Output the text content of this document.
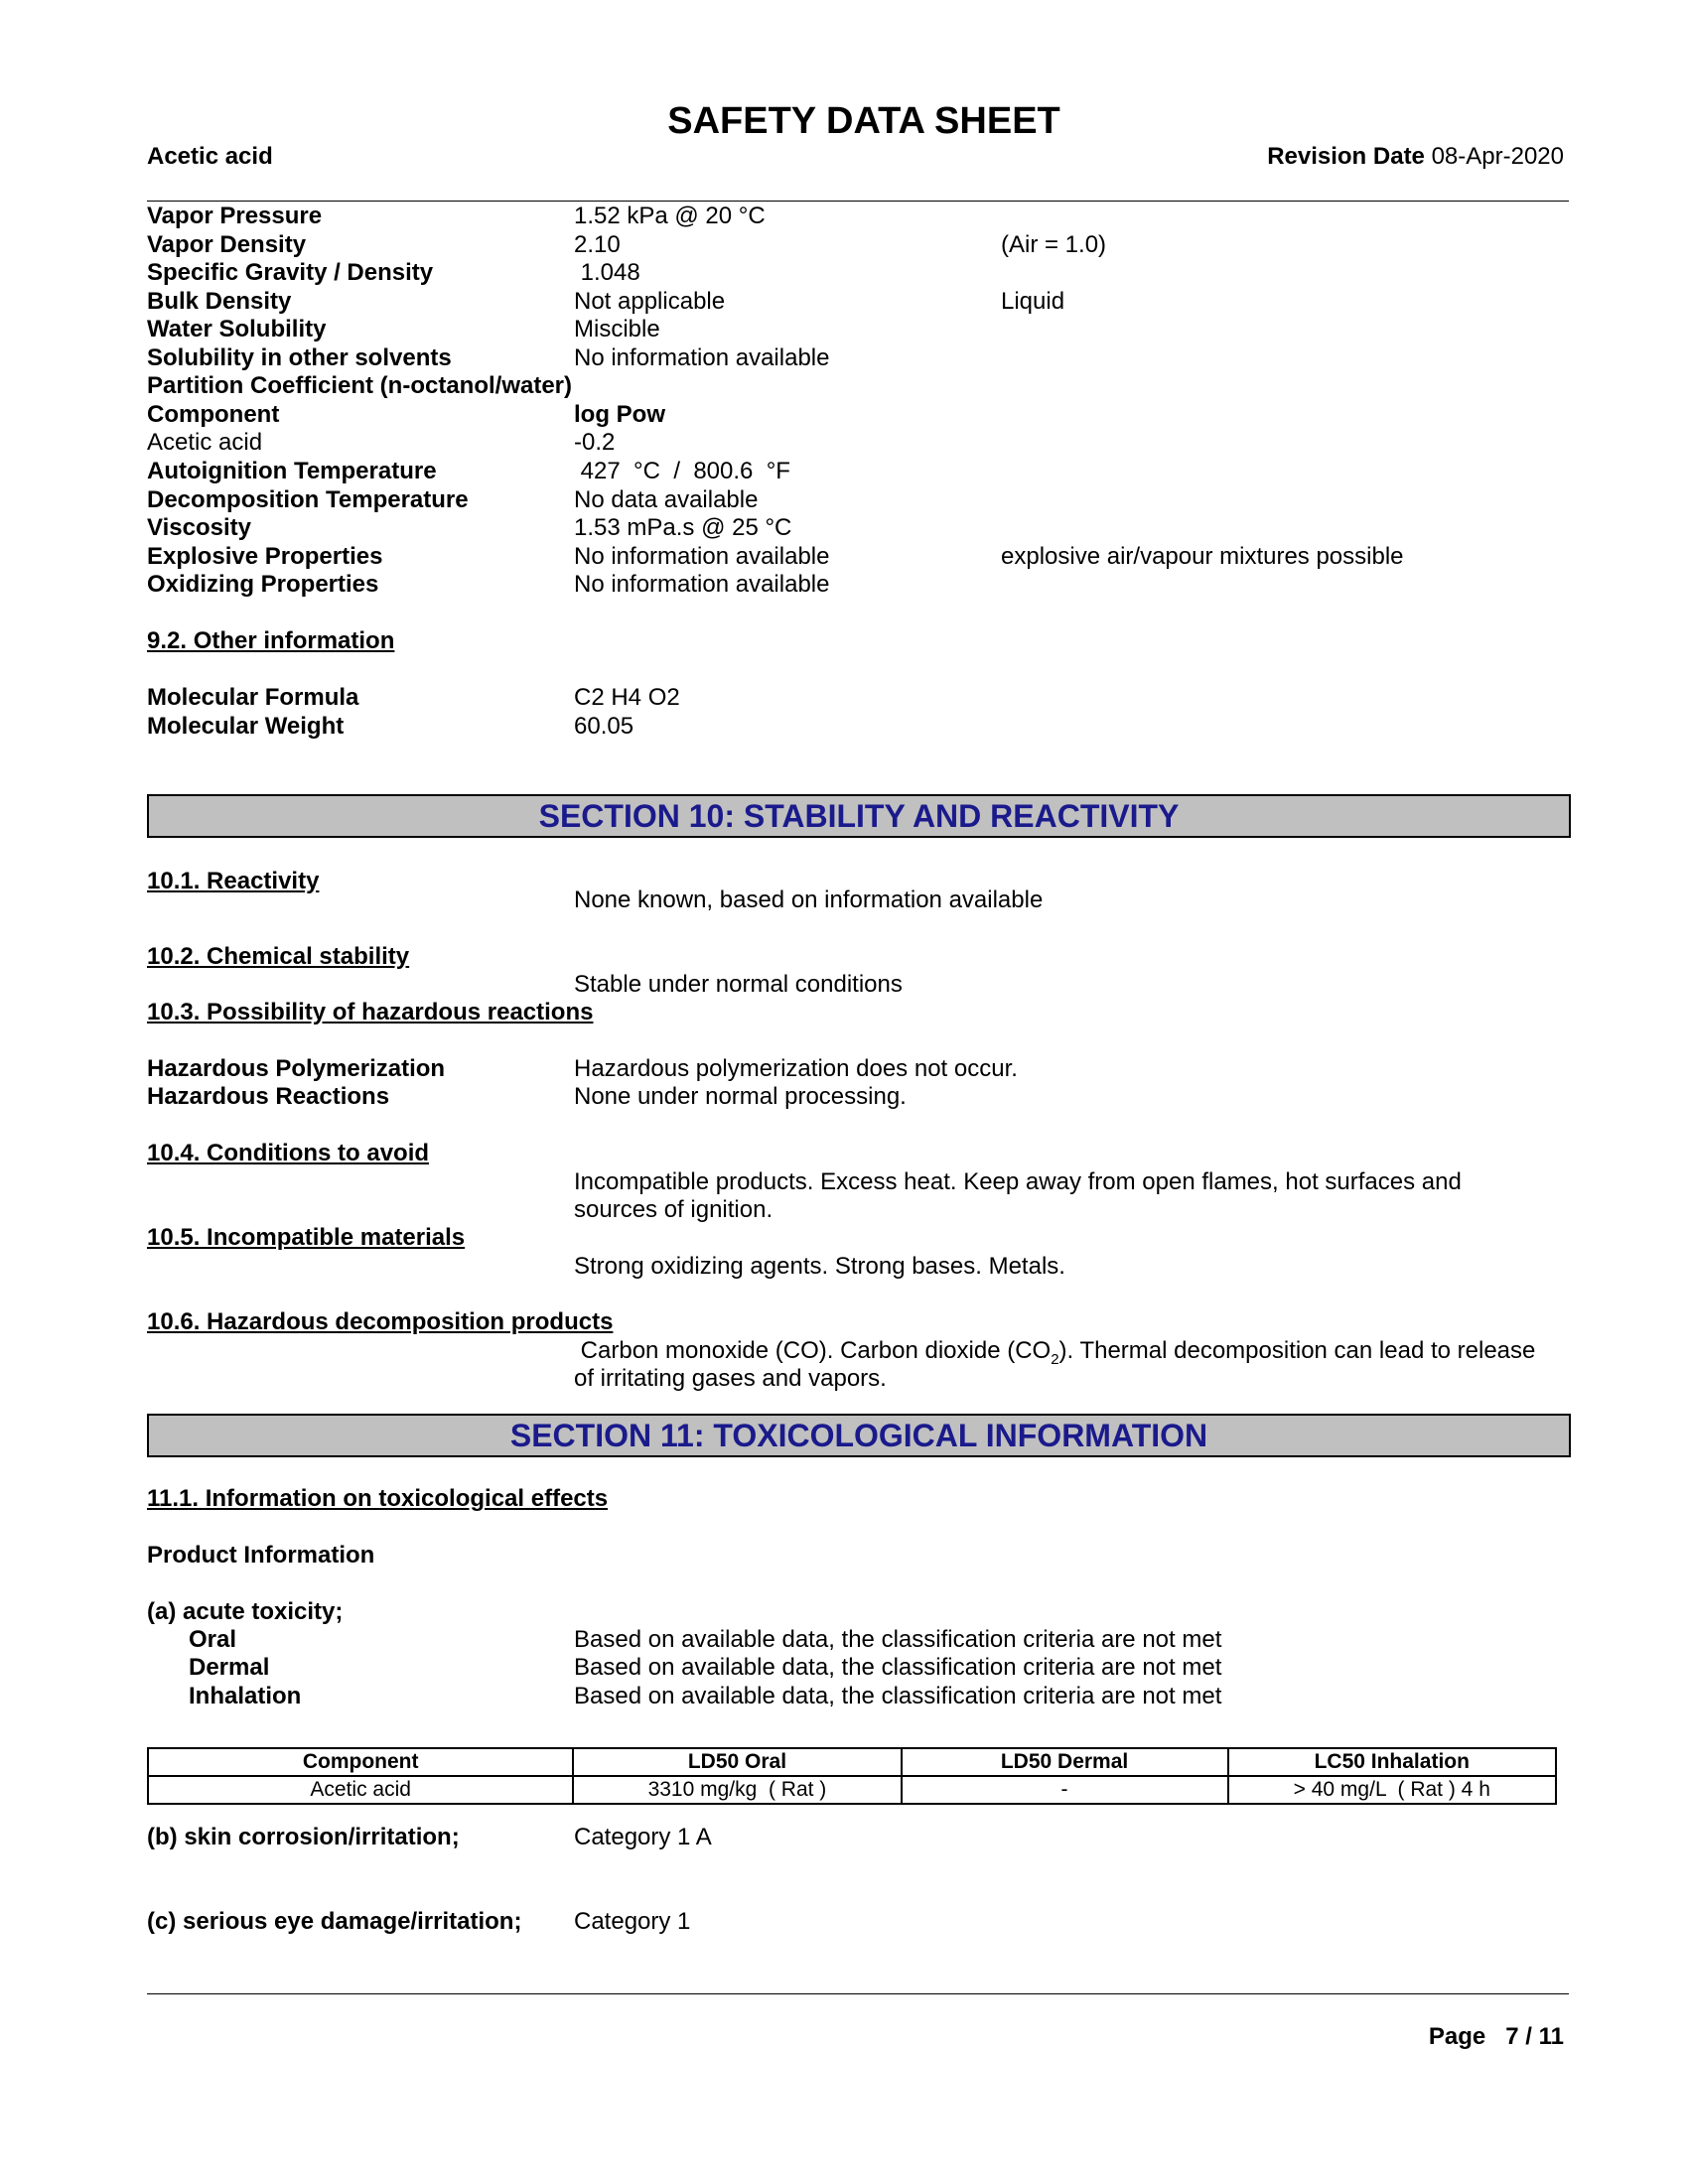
SAFETY DATA SHEET
Acetic acid	Revision Date 08-Apr-2020
Vapor Pressure	1.52 kPa @ 20 °C
Vapor Density	2.10	(Air = 1.0)
Specific Gravity / Density	1.048
Bulk Density	Not applicable	Liquid
Water Solubility	Miscible
Solubility in other solvents	No information available
Partition Coefficient (n-octanol/water)
Component	log Pow
Acetic acid	-0.2
Autoignition Temperature	427  °C  /  800.6  °F
Decomposition Temperature	No data available
Viscosity	1.53 mPa.s @ 25 °C
Explosive Properties	No information available	explosive air/vapour mixtures possible
Oxidizing Properties	No information available
9.2. Other information
Molecular Formula	C2 H4 O2
Molecular Weight	60.05
SECTION 10: STABILITY AND REACTIVITY
10.1. Reactivity
None known, based on information available
10.2. Chemical stability
Stable under normal conditions
10.3. Possibility of hazardous reactions
Hazardous Polymerization	Hazardous polymerization does not occur.
Hazardous Reactions	None under normal processing.
10.4. Conditions to avoid
Incompatible products. Excess heat. Keep away from open flames, hot surfaces and
sources of ignition.
10.5. Incompatible materials
Strong oxidizing agents. Strong bases. Metals.
10.6. Hazardous decomposition products
Carbon monoxide (CO). Carbon dioxide $(CO_2)$. Thermal decomposition can lead to release
of irritating gases and vapors.
SECTION 11: TOXICOLOGICAL INFORMATION
11.1. Information on toxicological effects
Product Information
(a) acute toxicity;
Oral	Based on available data, the classification criteria are not met
Dermal	Based on available data, the classification criteria are not met
Inhalation	Based on available data, the classification criteria are not met
Component	LD50 Oral	LD50 Dermal	LC50 Inhalation
Acetic acid	3310 mg/kg  ( Rat )	-	> 40 mg/L  ( Rat ) 4 h
(b) skin corrosion/irritation;	Category 1 A
(c) serious eye damage/irritation; Category 1
Page 7 / 11
